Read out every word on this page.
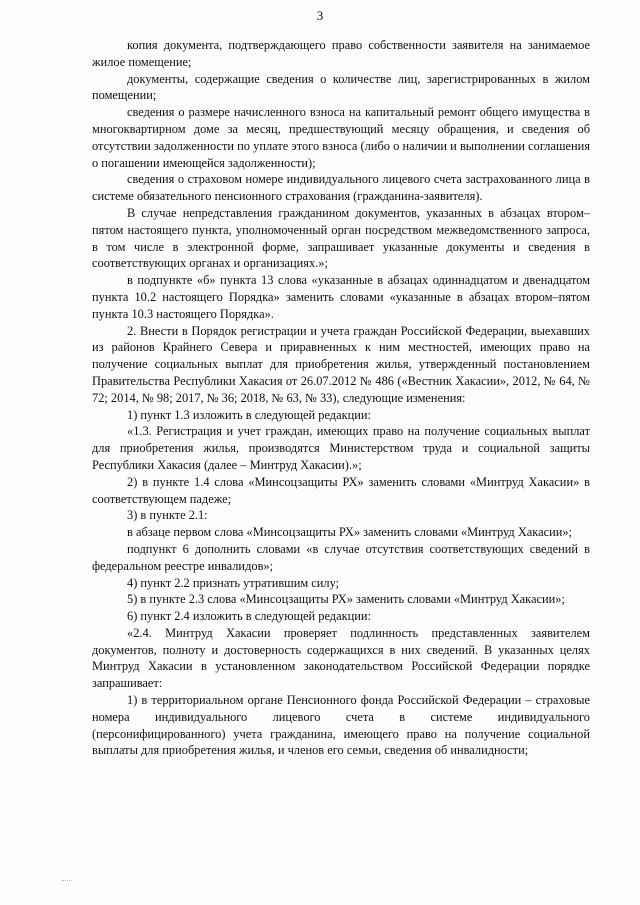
3

копия документа, подтверждающего право собственности заявителя на занимаемое жилое помещение;

документы, содержащие сведения о количестве лиц, зарегистрированных в жилом помещении;

сведения о размере начисленного взноса на капитальный ремонт общего имущества в многоквартирном доме за месяц, предшествующий месяцу обращения, и сведения об отсутствии задолженности по уплате этого взноса (либо о наличии и выполнении соглашения о погашении имеющейся задолженности);

сведения о страховом номере индивидуального лицевого счета застрахованного лица в системе обязательного пенсионного страхования (гражданина-заявителя).

В случае непредставления гражданином документов, указанных в абзацах втором–пятом настоящего пункта, уполномоченный орган посредством межведомственного запроса, в том числе в электронной форме, запрашивает указанные документы и сведения в соответствующих органах и организациях.»;

в подпункте «б» пункта 13 слова «указанные в абзацах одиннадцатом и двенадцатом пункта 10.2 настоящего Порядка» заменить словами «указанные в абзацах втором–пятом пункта 10.3 настоящего Порядка».

2. Внести в Порядок регистрации и учета граждан Российской Федерации, выехавших из районов Крайнего Севера и приравненных к ним местностей, имеющих право на получение социальных выплат для приобретения жилья, утвержденный постановлением Правительства Республики Хакасия от 26.07.2012 № 486 («Вестник Хакасии», 2012, № 64, № 72; 2014, № 98; 2017, № 36; 2018, № 63, № 33), следующие изменения:

1) пункт 1.3 изложить в следующей редакции:

«1.3. Регистрация и учет граждан, имеющих право на получение социальных выплат для приобретения жилья, производятся Министерством труда и социальной защиты Республики Хакасия (далее – Минтруд Хакасии).»;

2) в пункте 1.4 слова «Минсоцзащиты РХ» заменить словами «Минтруд Хакасии» в соответствующем падеже;

3) в пункте 2.1:

в абзаце первом слова «Минсоцзащиты РХ» заменить словами «Минтруд Хакасии»;

подпункт 6 дополнить словами «в случае отсутствия соответствующих сведений в федеральном реестре инвалидов»;

4) пункт 2.2 признать утратившим силу;

5) в пункте 2.3 слова «Минсоцзащиты РХ» заменить словами «Минтруд Хакасии»;

6) пункт 2.4 изложить в следующей редакции:

«2.4. Минтруд Хакасии проверяет подлинность представленных заявителем документов, полноту и достоверность содержащихся в них сведений. В указанных целях Минтруд Хакасии в установленном законодательством Российской Федерации порядке запрашивает:

1) в территориальном органе Пенсионного фонда Российской Федерации – страховые номера индивидуального лицевого счета в системе индивидуального (персонифицированного) учета гражданина, имеющего право на получение социальной выплаты для приобретения жилья, и членов его семьи, сведения об инвалидности;
